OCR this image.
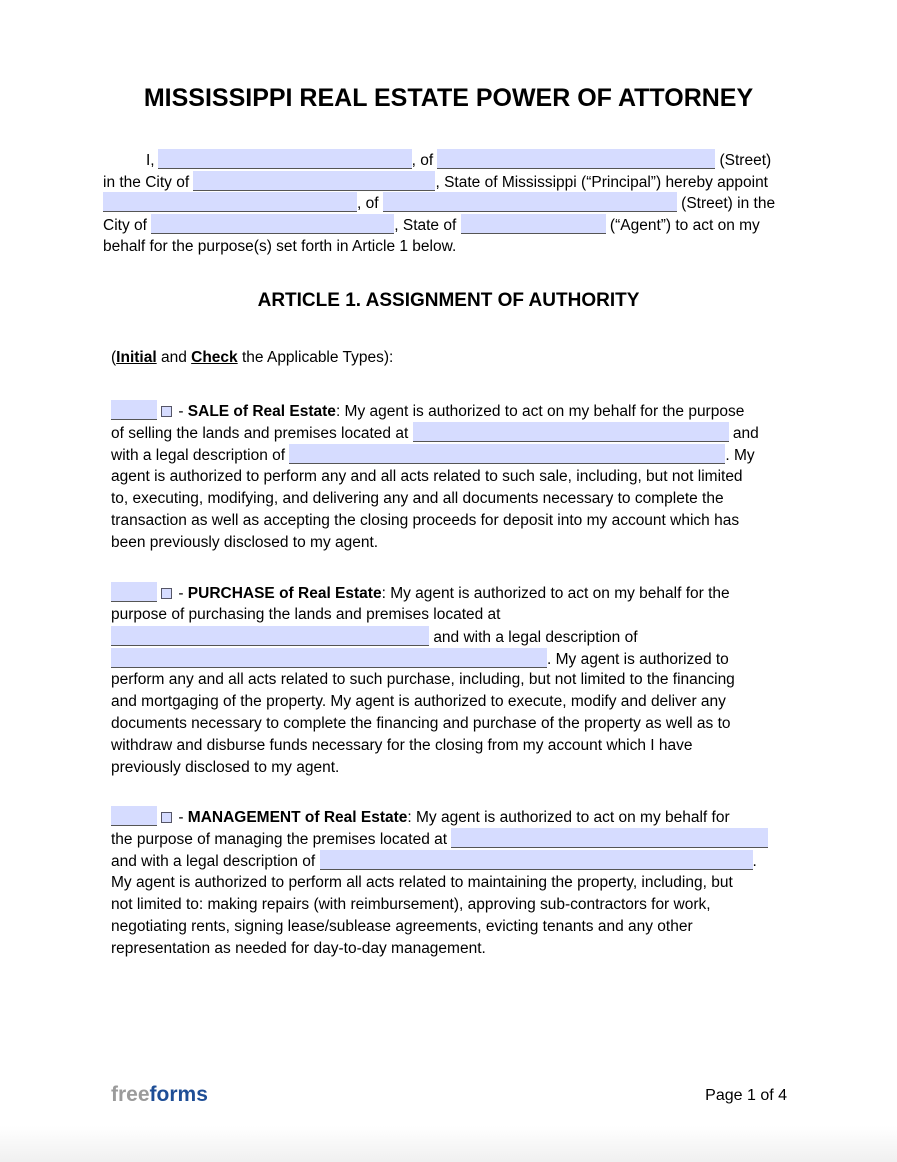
MISSISSIPPI REAL ESTATE POWER OF ATTORNEY
I,	, of	(Street)
in the City of	, State of Mississippi (“Principal”) hereby appoint
, of	(Street) in the
City of	, State of	(“Agent”) to act on my
behalf for the purpose(s) set forth in Article 1 below.
ARTICLE 1. ASSIGNMENT OF AUTHORITY
(Initial and Check the Applicable Types):
- SALE of Real Estate: My agent is authorized to act on my behalf for the purpose
of selling the lands and premises located at	and
with a legal description of	. My
agent is authorized to perform any and all acts related to such sale, including, but not limited
to, executing, modifying, and delivering any and all documents necessary to complete the
transaction as well as accepting the closing proceeds for deposit into my account which has
been previously disclosed to my agent.
- PURCHASE of Real Estate: My agent is authorized to act on my behalf for the
purpose of purchasing the lands and premises located at
and with a legal description of
. My agent is authorized to
perform any and all acts related to such purchase, including, but not limited to the financing
and mortgaging of the property. My agent is authorized to execute, modify and deliver any
documents necessary to complete the financing and purchase of the property as well as to
withdraw and disburse funds necessary for the closing from my account which I have
previously disclosed to my agent.
- MANAGEMENT of Real Estate: My agent is authorized to act on my behalf for
the purpose of managing the premises located at
and with a legal description of	.
My agent is authorized to perform all acts related to maintaining the property, including, but
not limited to: making repairs (with reimbursement), approving sub-contractors for work,
negotiating rents, signing lease/sublease agreements, evicting tenants and any other
representation as needed for day-to-day management.
freeforms	Page 1 of 4
